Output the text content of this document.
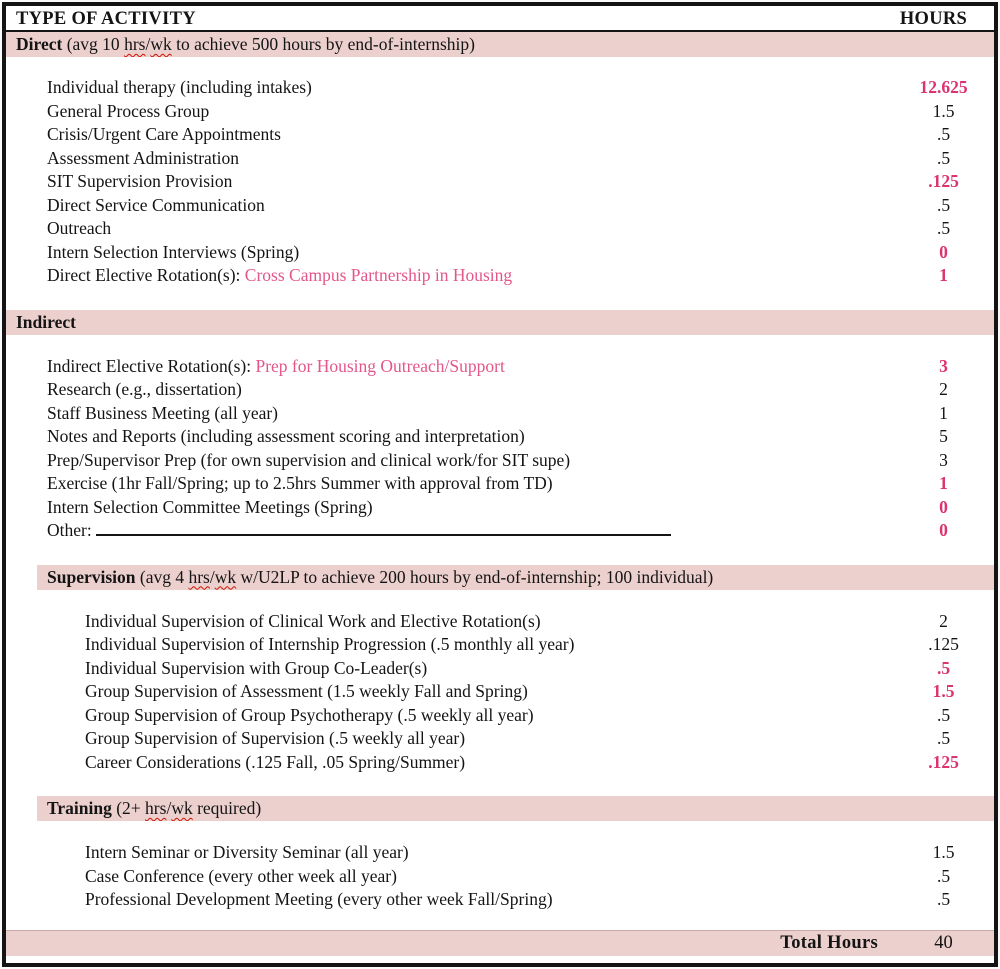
TYPE OF ACTIVITY	HOURS
Direct (avg 10 hrs/wk to achieve 500 hours by end-of-internship)
Individual therapy (including intakes)	12.625
General Process Group	1.5
Crisis/Urgent Care Appointments	.5
Assessment Administration	.5
SIT Supervision Provision	.125
Direct Service Communication	.5
Outreach	.5
Intern Selection Interviews (Spring)	0
Direct Elective Rotation(s): Cross Campus Partnership in Housing	1
Indirect
Indirect Elective Rotation(s): Prep for Housing Outreach/Support	3
Research (e.g., dissertation)	2
Staff Business Meeting (all year)	1
Notes and Reports (including assessment scoring and interpretation)	5
Prep/Supervisor Prep (for own supervision and clinical work/for SIT supe)	3
Exercise (1hr Fall/Spring; up to 2.5hrs Summer with approval from TD)	1
Intern Selection Committee Meetings (Spring)	0
Other:	0
Supervision (avg 4 hrs/wk w/U2LP to achieve 200 hours by end-of-internship; 100 individual)
Individual Supervision of Clinical Work and Elective Rotation(s)	2
Individual Supervision of Internship Progression (.5 monthly all year)	.125
Individual Supervision with Group Co-Leader(s)	.5
Group Supervision of Assessment (1.5 weekly Fall and Spring)	1.5
Group Supervision of Group Psychotherapy (.5 weekly all year)	.5
Group Supervision of Supervision (.5 weekly all year)	.5
Career Considerations (.125 Fall, .05 Spring/Summer)	.125
Training (2+ hrs/wk required)
Intern Seminar or Diversity Seminar (all year)	1.5
Case Conference (every other week all year)	.5
Professional Development Meeting (every other week Fall/Spring)	.5
Total Hours	40
